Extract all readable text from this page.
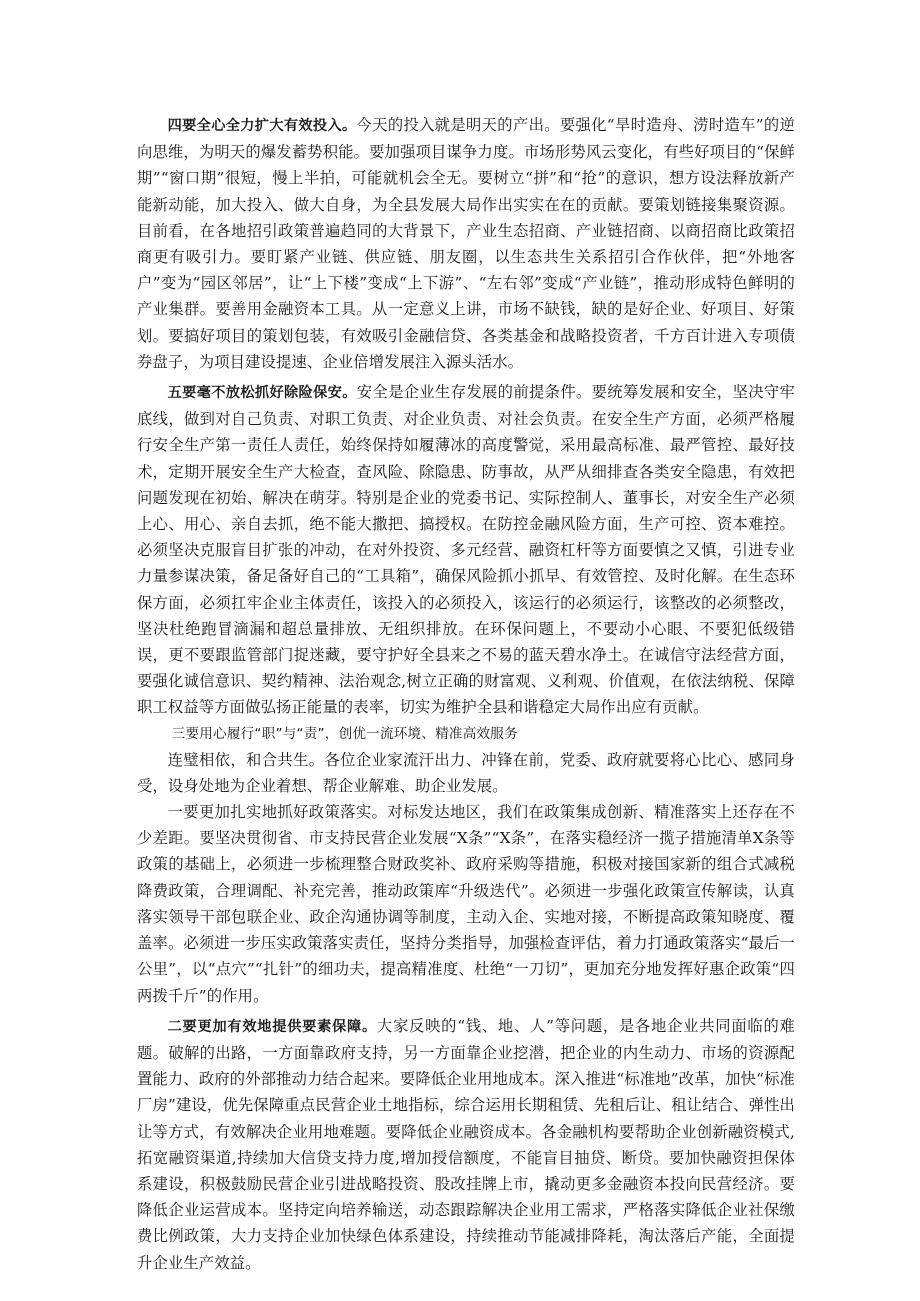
四要全心全力扩大有效投入。今天的投入就是明天的产出。要强化“旱时造舟、涝时造车”的逆向思维，为明天的爆发蓄势积能。要加强项目谋争力度。市场形势风云变化，有些好项目的“保鲜期”“窗口期”很短，慢上半拍，可能就机会全无。要树立“拼”和“抢”的意识，想方设法释放新产能新动能，加大投入、做大自身，为全县发展大局作出实实在在的贡献。要策划链接集聚资源。目前看，在各地招引政策普遍趋同的大背景下，产业生态招商、产业链招商、以商招商比政策招商更有吸引力。要盯紧产业链、供应链、朋友圈，以生态共生关系招引合作伙伴，把“外地客户”变为“园区邻居”，让“上下楼”变成“上下游”、“左右邻”变成“产业链”，推动形成特色鲜明的产业集群。要善用金融资本工具。从一定意义上讲，市场不缺钱，缺的是好企业、好项目、好策划。要搞好项目的策划包装，有效吸引金融信贷、各类基金和战略投资者，千方百计进入专项债券盘子，为项目建设提速、企业倍增发展注入源头活水。

五要毫不放松抓好除险保安。安全是企业生存发展的前提条件。要统筹发展和安全，坚决守牢底线，做到对自己负责、对职工负责、对企业负责、对社会负责。在安全生产方面，必须严格履行安全生产第一责任人责任，始终保持如履薄冰的高度警觉，采用最高标准、最严管控、最好技术，定期开展安全生产大检查，查风险、除隐患、防事故，从严从细排查各类安全隐患，有效把问题发现在初始、解决在萌芽。特别是企业的党委书记、实际控制人、董事长，对安全生产必须上心、用心、亲自去抓，绝不能大撒把、搞授权。在防控金融风险方面，生产可控、资本难控。必须坚决克服盲目扩张的冲动，在对外投资、多元经营、融资杠杆等方面要慎之又慎，引进专业力量参谋决策，备足备好自己的“工具箱”，确保风险抓小抓早、有效管控、及时化解。在生态环保方面，必须扛牢企业主体责任，该投入的必须投入，该运行的必须运行，该整改的必须整改，坚决杜绝跑冒滴漏和超总量排放、无组织排放。在环保问题上，不要动小心眼、不要犯低级错误，更不要跟监管部门捉迷藏，要守护好全县来之不易的蓝天碧水净土。在诚信守法经营方面，要强化诚信意识、契约精神、法治观念,树立正确的财富观、义利观、价值观，在依法纳税、保障职工权益等方面做弘扬正能量的表率，切实为维护全县和谐稳定大局作出应有贡献。

三要用心履行“职”与“责”，创优一流环境、精准高效服务

连璧相依，和合共生。各位企业家流汗出力、冲锋在前，党委、政府就要将心比心、感同身受，设身处地为企业着想、帮企业解难、助企业发展。

一要更加扎实地抓好政策落实。对标发达地区，我们在政策集成创新、精准落实上还存在不少差距。要坚决贯彻省、市支持民营企业发展“X条”“X条”，在落实稳经济一揽子措施清单X条等政策的基础上，必须进一步梳理整合财政奖补、政府采购等措施，积极对接国家新的组合式减税降费政策，合理调配、补充完善，推动政策库“升级迭代”。必须进一步强化政策宣传解读，认真落实领导干部包联企业、政企沟通协调等制度，主动入企、实地对接，不断提高政策知晓度、覆盖率。必须进一步压实政策落实责任，坚持分类指导，加强检查评估，着力打通政策落实“最后一公里”，以“点穴”“扎针”的细功夫，提高精准度、杜绝“一刀切”，更加充分地发挥好惠企政策“四两拨千斤”的作用。

二要更加有效地提供要素保障。大家反映的“钱、地、人”等问题，是各地企业共同面临的难题。破解的出路，一方面靠政府支持，另一方面靠企业挖潜，把企业的内生动力、市场的资源配置能力、政府的外部推动力结合起来。要降低企业用地成本。深入推进“标准地”改革，加快“标准厂房”建设，优先保障重点民营企业土地指标，综合运用长期租赁、先租后让、租让结合、弹性出让等方式，有效解决企业用地难题。要降低企业融资成本。各金融机构要帮助企业创新融资模式,拓宽融资渠道,持续加大信贷支持力度,增加授信额度，不能盲目抽贷、断贷。要加快融资担保体系建设，积极鼓励民营企业引进战略投资、股改挂牌上市，撬动更多金融资本投向民营经济。要降低企业运营成本。坚持定向培养输送，动态跟踪解决企业用工需求，严格落实降低企业社保缴费比例政策，大力支持企业加快绿色体系建设，持续推动节能减排降耗，淘汰落后产能，全面提升企业生产效益。
